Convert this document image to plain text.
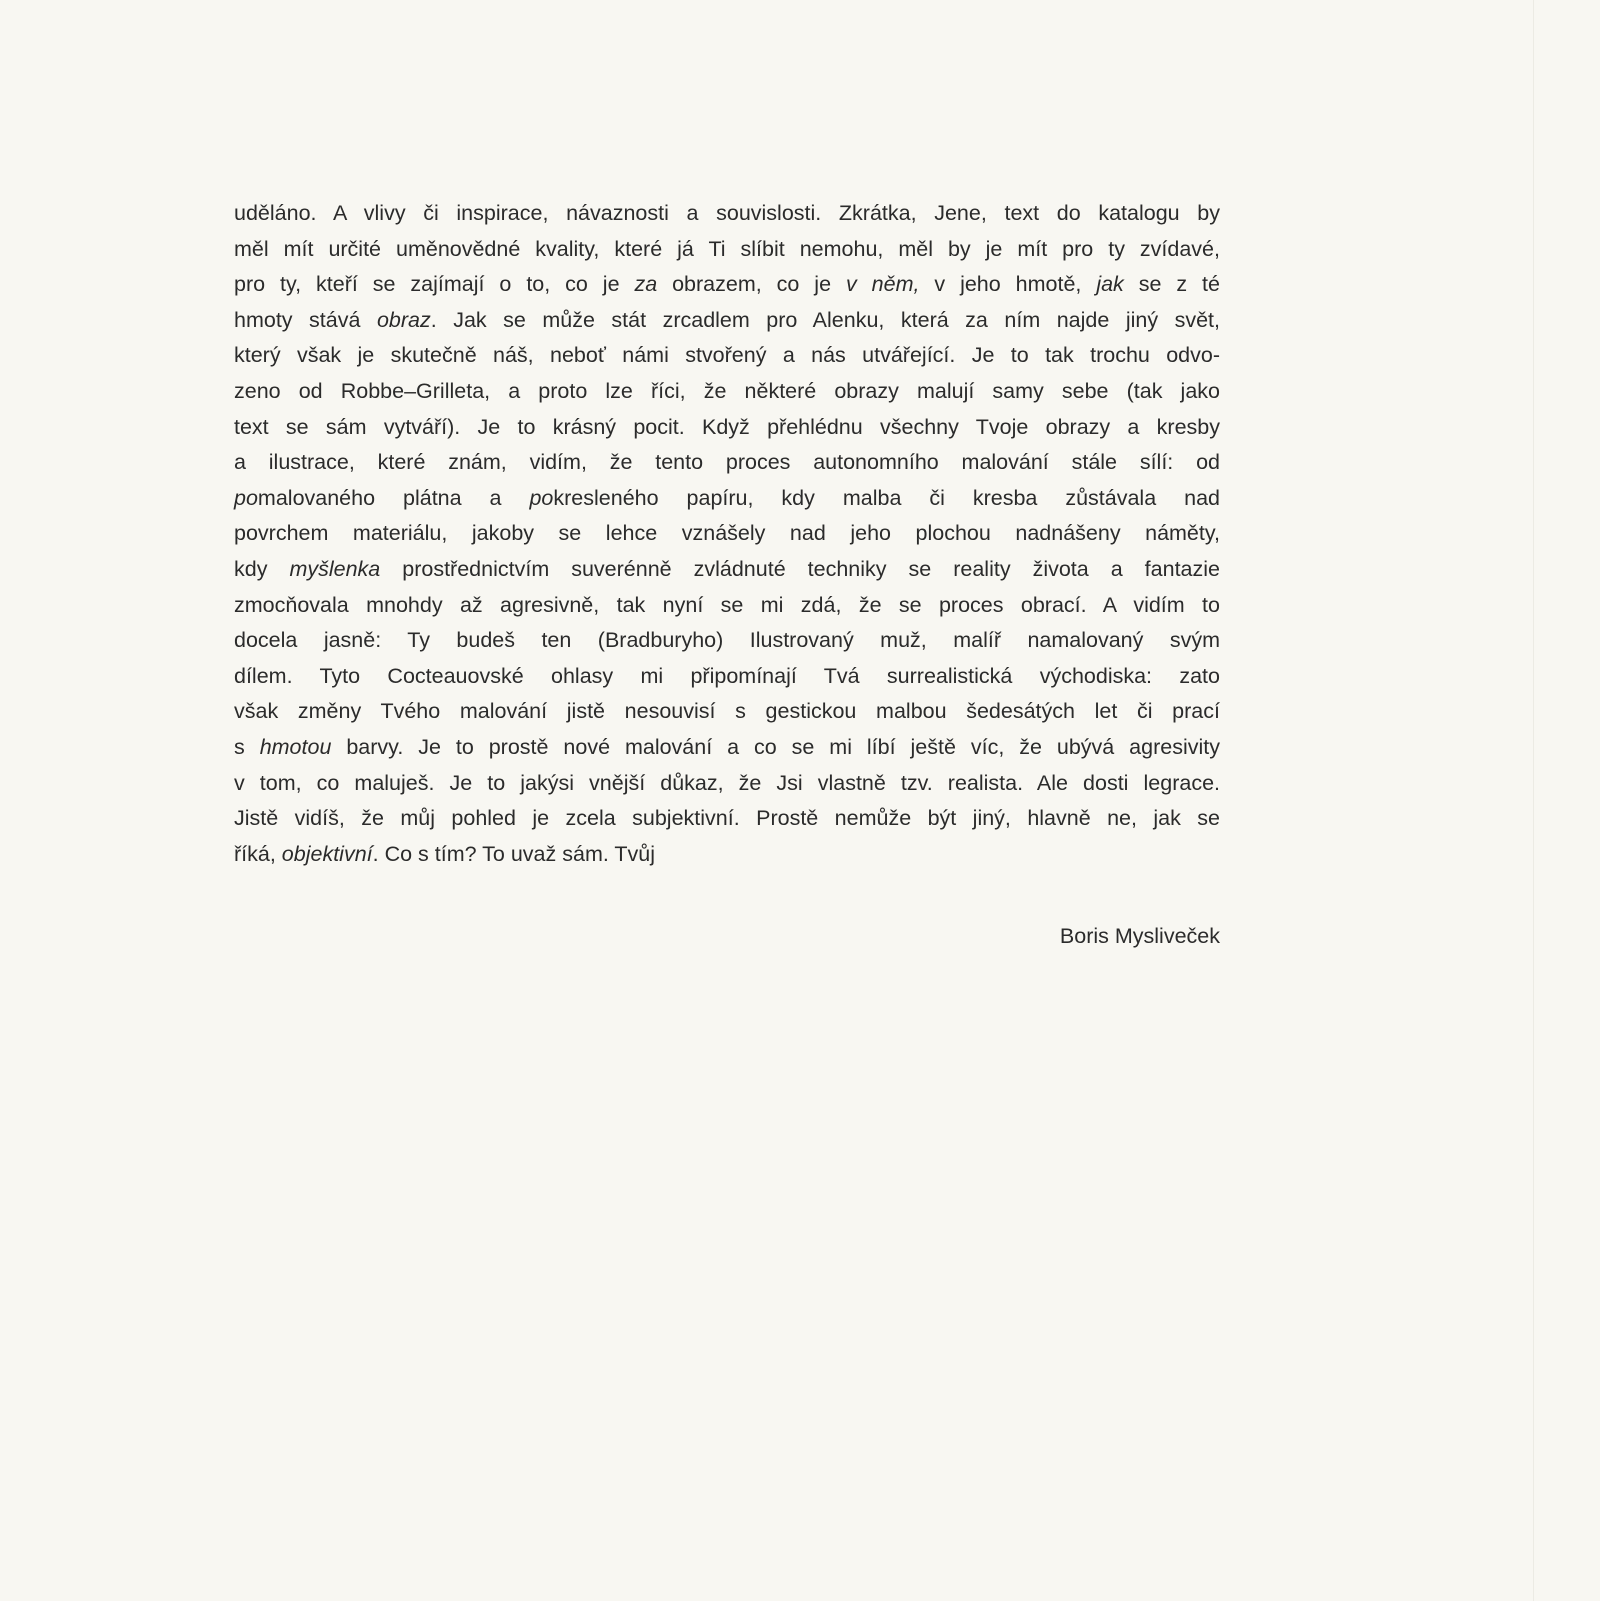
uděláno. A vlivy či inspirace, návaznosti a souvislosti. Zkrátka, Jene, text do katalogu by
měl mít určité uměnovědné kvality, které já Ti slíbit nemohu, měl by je mít pro ty zvídavé,
pro ty, kteří se zajímají o to, co je za obrazem, co je v něm, v jeho hmotě, jak se z té
hmoty stává obraz. Jak se může stát zrcadlem pro Alenku, která za ním najde jiný svět,
který však je skutečně náš, neboť námi stvořený a nás utvářející. Je to tak trochu odvo-
zeno od Robbe–Grilleta, a proto lze říci, že některé obrazy malují samy sebe (tak jako
text se sám vytváří). Je to krásný pocit. Když přehlédnu všechny Tvoje obrazy a kresby
a ilustrace, které znám, vidím, že tento proces autonomního malování stále sílí: od
pomalovaného plátna a pokresleného papíru, kdy malba či kresba zůstávala nad
povrchem materiálu, jakoby se lehce vznášely nad jeho plochou nadnášeny náměty,
kdy myšlenka prostřednictvím suverénně zvládnuté techniky se reality života a fantazie
zmocňovala mnohdy až agresivně, tak nyní se mi zdá, že se proces obrací. A vidím to
docela jasně: Ty budeš ten (Bradburyho) Ilustrovaný muž, malíř namalovaný svým
dílem. Tyto Cocteauovské ohlasy mi připomínají Tvá surrealistická východiska: zato
však změny Tvého malování jistě nesouvisí s gestickou malbou šedesátých let či prací
s hmotou barvy. Je to prostě nové malování a co se mi líbí ještě víc, že ubývá agresivity
v tom, co maluješ. Je to jakýsi vnější důkaz, že Jsi vlastně tzv. realista. Ale dosti legrace.
Jistě vidíš, že můj pohled je zcela subjektivní. Prostě nemůže být jiný, hlavně ne, jak se
říká, objektivní. Co s tím? To uvaž sám. Tvůj
Boris Mysliveček
